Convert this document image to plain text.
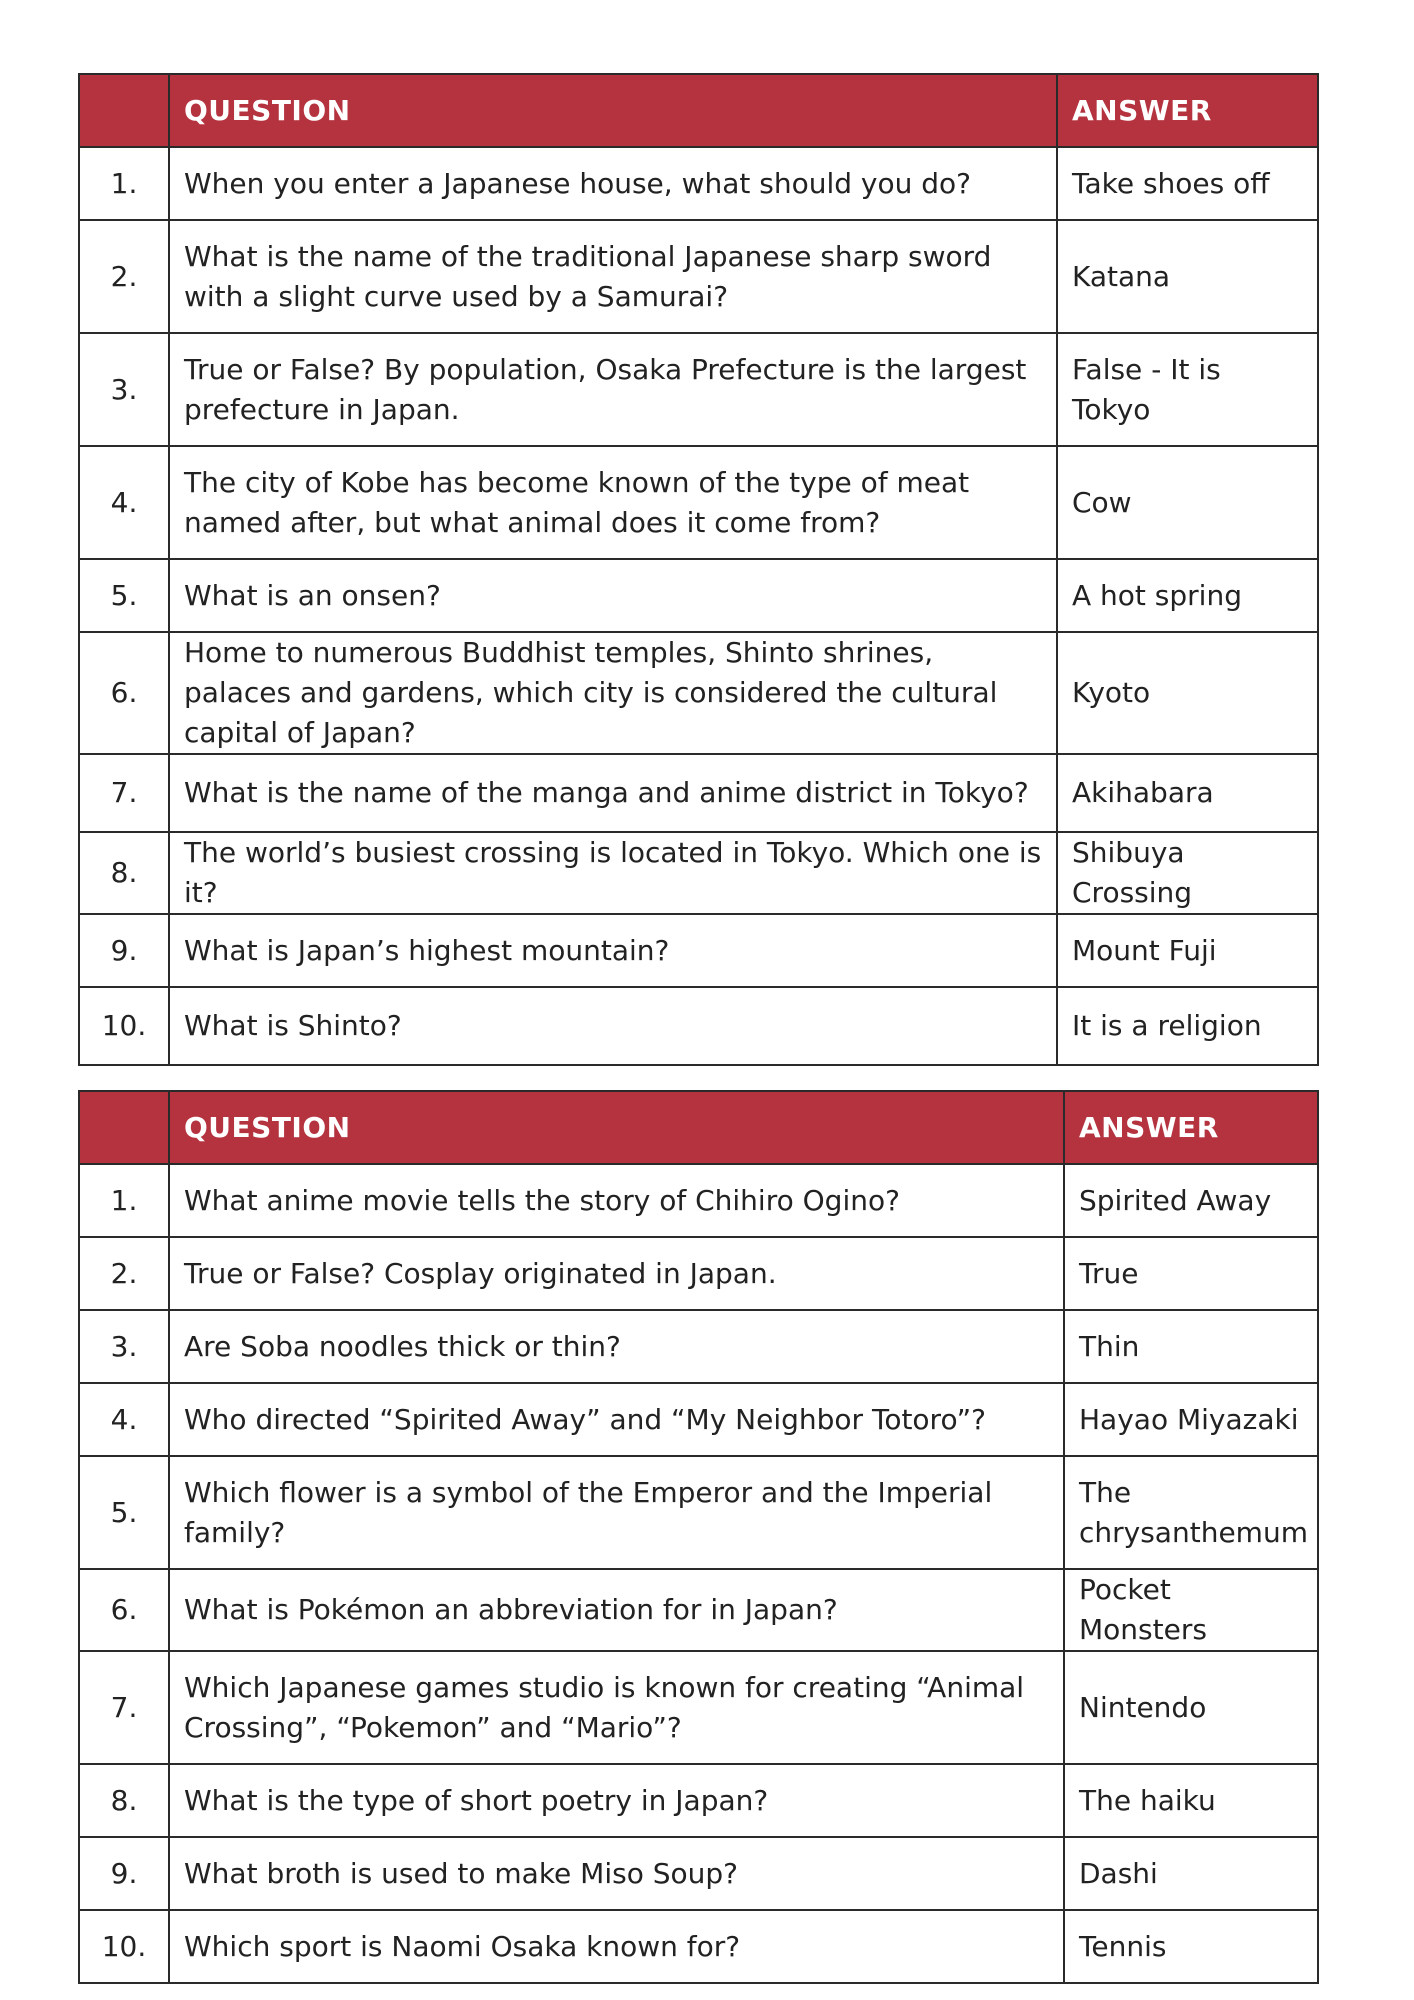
	QUESTION	ANSWER
1.	When you enter a Japanese house, what should you do?	Take shoes off
2.	What is the name of the traditional Japanese sharp sword with a slight curve used by a Samurai?	Katana
3.	True or False? By population, Osaka Prefecture is the largest prefecture in Japan.	False - It is Tokyo
4.	The city of Kobe has become known of the type of meat named after, but what animal does it come from?	Cow
5.	What is an onsen?	A hot spring
6.	Home to numerous Buddhist temples, Shinto shrines, palaces and gardens, which city is considered the cultural capital of Japan?	Kyoto
7.	What is the name of the manga and anime district in Tokyo?	Akihabara
8.	The world’s busiest crossing is located in Tokyo. Which one is it?	Shibuya Crossing
9.	What is Japan’s highest mountain?	Mount Fuji
10.	What is Shinto?	It is a religion
	QUESTION	ANSWER
1.	What anime movie tells the story of Chihiro Ogino?	Spirited Away
2.	True or False? Cosplay originated in Japan.	True
3.	Are Soba noodles thick or thin?	Thin
4.	Who directed “Spirited Away” and “My Neighbor Totoro”?	Hayao Miyazaki
5.	Which flower is a symbol of the Emperor and the Imperial family?	The chrysanthemum
6.	What is Pokémon an abbreviation for in Japan?	Pocket Monsters
7.	Which Japanese games studio is known for creating “Animal Crossing”, “Pokemon” and “Mario”?	Nintendo
8.	What is the type of short poetry in Japan?	The haiku
9.	What broth is used to make Miso Soup?	Dashi
10.	Which sport is Naomi Osaka known for?	Tennis
